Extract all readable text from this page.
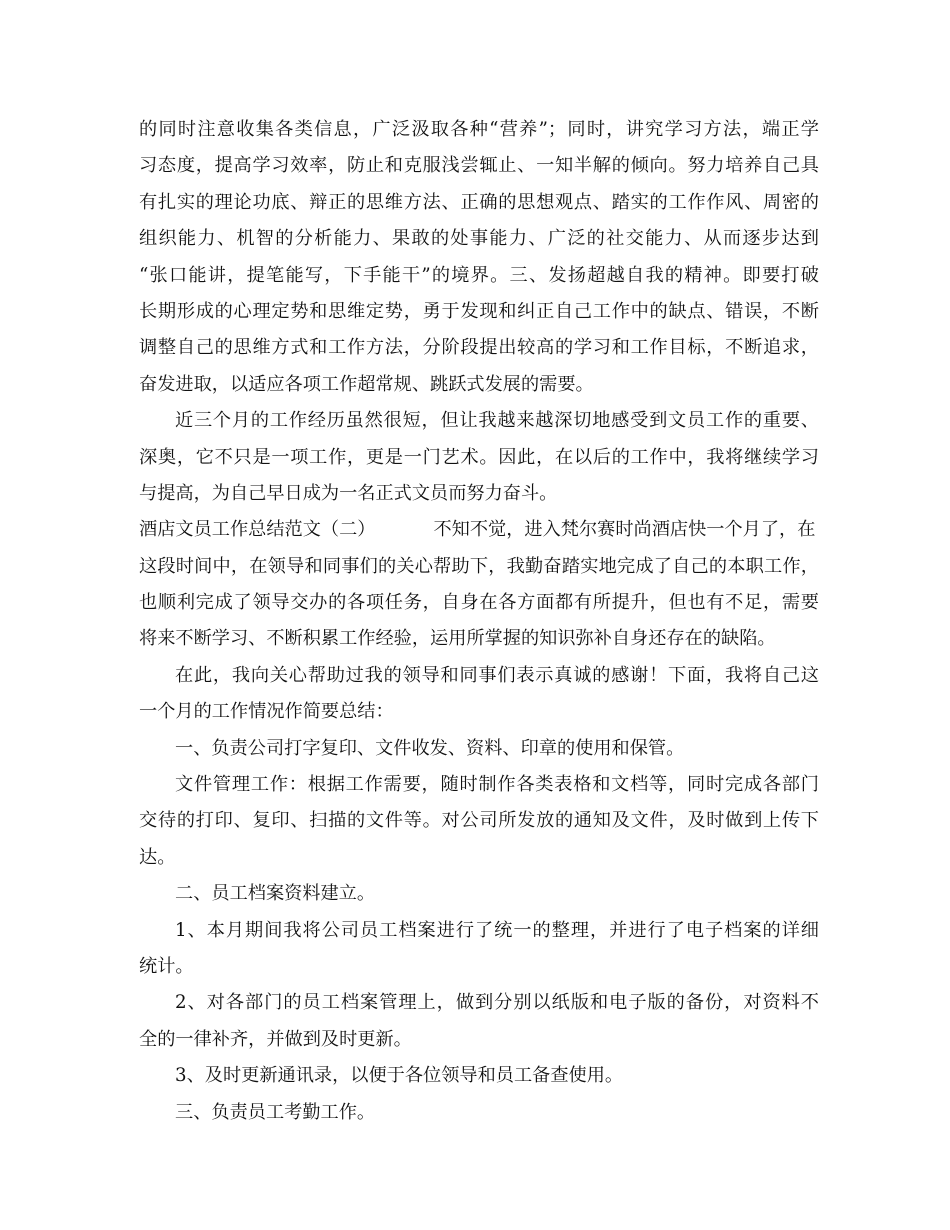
的同时注意收集各类信息，广泛汲取各种“营养”；同时，讲究学习方法，端正学
习态度，提高学习效率，防止和克服浅尝辄止、一知半解的倾向。努力培养自己具
有扎实的理论功底、辩正的思维方法、正确的思想观点、踏实的工作作风、周密的
组织能力、机智的分析能力、果敢的处事能力、广泛的社交能力、从而逐步达到
“张口能讲，提笔能写，下手能干”的境界。三、发扬超越自我的精神。即要打破
长期形成的心理定势和思维定势，勇于发现和纠正自己工作中的缺点、错误，不断
调整自己的思维方式和工作方法，分阶段提出较高的学习和工作目标，不断追求，
奋发进取，以适应各项工作超常规、跳跃式发展的需要。
近三个月的工作经历虽然很短，但让我越来越深切地感受到文员工作的重要、
深奥，它不只是一项工作，更是一门艺术。因此，在以后的工作中，我将继续学习
与提高，为自己早日成为一名正式文员而努力奋斗。
酒店文员工作总结范文（二）	不知不觉，进入梵尔赛时尚酒店快一个月了，在
这段时间中，在领导和同事们的关心帮助下，我勤奋踏实地完成了自己的本职工作，
也顺利完成了领导交办的各项任务，自身在各方面都有所提升，但也有不足，需要
将来不断学习、不断积累工作经验，运用所掌握的知识弥补自身还存在的缺陷。
在此，我向关心帮助过我的领导和同事们表示真诚的感谢！下面，我将自己这
一个月的工作情况作简要总结：
一、负责公司打字复印、文件收发、资料、印章的使用和保管。
文件管理工作：根据工作需要，随时制作各类表格和文档等，同时完成各部门
交待的打印、复印、扫描的文件等。对公司所发放的通知及文件，及时做到上传下
达。
二、员工档案资料建立。
1、本月期间我将公司员工档案进行了统一的整理，并进行了电子档案的详细
统计。
2、对各部门的员工档案管理上，做到分别以纸版和电子版的备份，对资料不
全的一律补齐，并做到及时更新。
3、及时更新通讯录，以便于各位领导和员工备查使用。
三、负责员工考勤工作。
